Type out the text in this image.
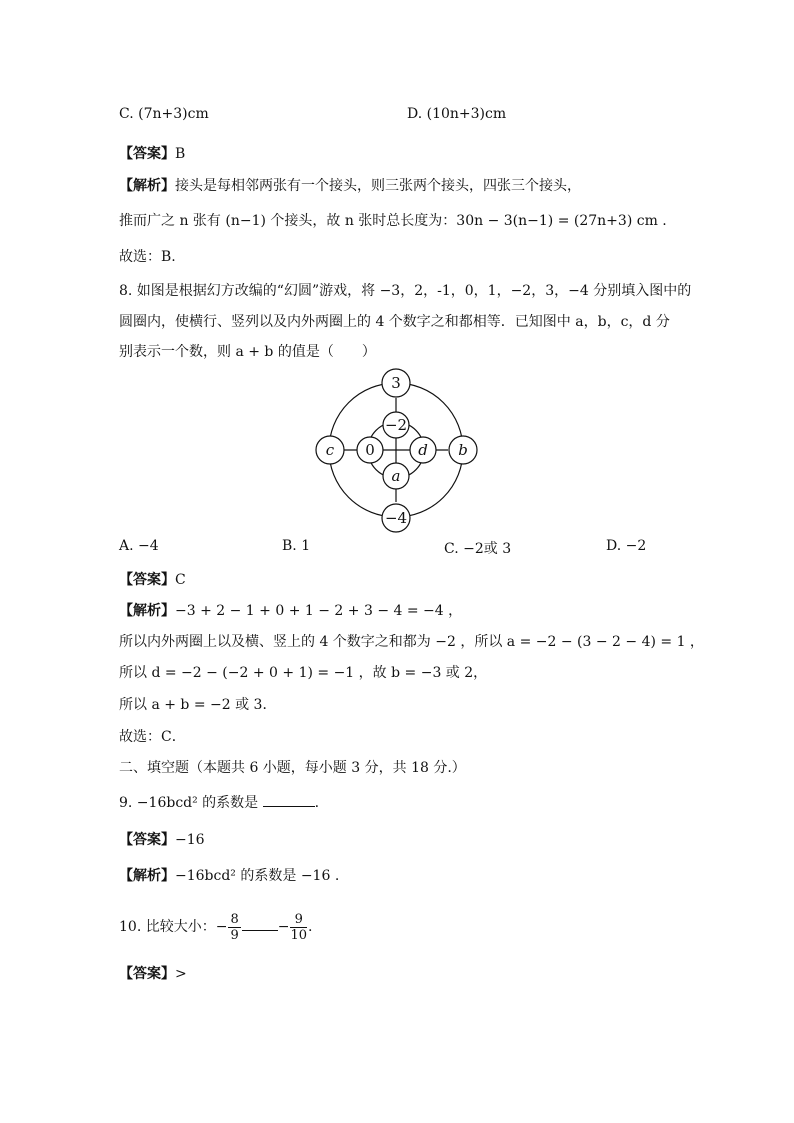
C. (7n+3)cm	D. (10n+3)cm
【答案】B
【解析】接头是每相邻两张有一个接头，则三张两个接头，四张三个接头，
推而广之 n 张有 (n−1) 个接头，故 n 张时总长度为：30n − 3(n−1) = (27n+3) cm .
故选：B.
8. 如图是根据幻方改编的“幻圆”游戏，将 −3，2，-1，0，1，−2，3，−4 分别填入图中的
圆圈内，使横行、竖列以及内外两圈上的 4 个数字之和都相等．已知图中 a，b，c，d 分
别表示一个数，则 a + b 的值是（　　）
3
−2
c 0	d b
a
−4
A. −4	B. 1	C. −2或 3	D. −2
【答案】C
【解析】−3 + 2 − 1 + 0 + 1 − 2 + 3 − 4 = −4 ，
所以内外两圈上以及横、竖上的 4 个数字之和都为 −2 ，所以 a = −2 − (3 − 2 − 4) = 1 ，
所以 d = −2 − (−2 + 0 + 1) = −1 ，故 b = −3 或 2，
所以 a + b = −2 或 3．
故选：C．
二、填空题（本题共 6 小题，每小题 3 分，共 18 分.）
9. −16bcd² 的系数是	.
【答案】−16
【解析】−16bcd² 的系数是 −16 .
10. 比较大小：− $\frac{8}{9}$	− $\frac{9}{10}$ .
【答案】>
